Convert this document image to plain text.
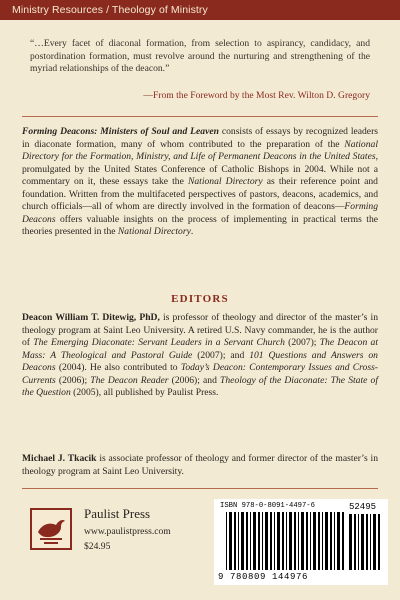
Ministry Resources / Theology of Ministry
“…Every facet of diaconal formation, from selection to aspirancy, candidacy, and postordination formation, must revolve around the nurturing and strengthening of the myriad relationships of the deacon.”
—From the Foreword by the Most Rev. Wilton D. Gregory
Forming Deacons: Ministers of Soul and Leaven consists of essays by recognized leaders in diaconate formation, many of whom contributed to the preparation of the National Directory for the Formation, Ministry, and Life of Permanent Deacons in the United States, promulgated by the United States Conference of Catholic Bishops in 2004. While not a commentary on it, these essays take the National Directory as their reference point and foundation. Written from the multifaceted perspectives of pastors, deacons, academics, and church officials—all of whom are directly involved in the formation of deacons—Forming Deacons offers valuable insights on the process of implementing in practical terms the theories presented in the National Directory.
EDITORS
Deacon William T. Ditewig, PhD, is professor of theology and director of the master’s in theology program at Saint Leo University. A retired U.S. Navy commander, he is the author of The Emerging Diaconate: Servant Leaders in a Servant Church (2007); The Deacon at Mass: A Theological and Pastoral Guide (2007); and 101 Questions and Answers on Deacons (2004). He also contributed to Today’s Deacon: Contemporary Issues and Cross-Currents (2006); The Deacon Reader (2006); and Theology of the Diaconate: The State of the Question (2005), all published by Paulist Press.
Michael J. Tkacik is associate professor of theology and former director of the master’s in theology program at Saint Leo University.
Paulist Press
www.paulistpress.com
$24.95
ISBN 978-0-8091-4497-6	52495
9 780809 144976
